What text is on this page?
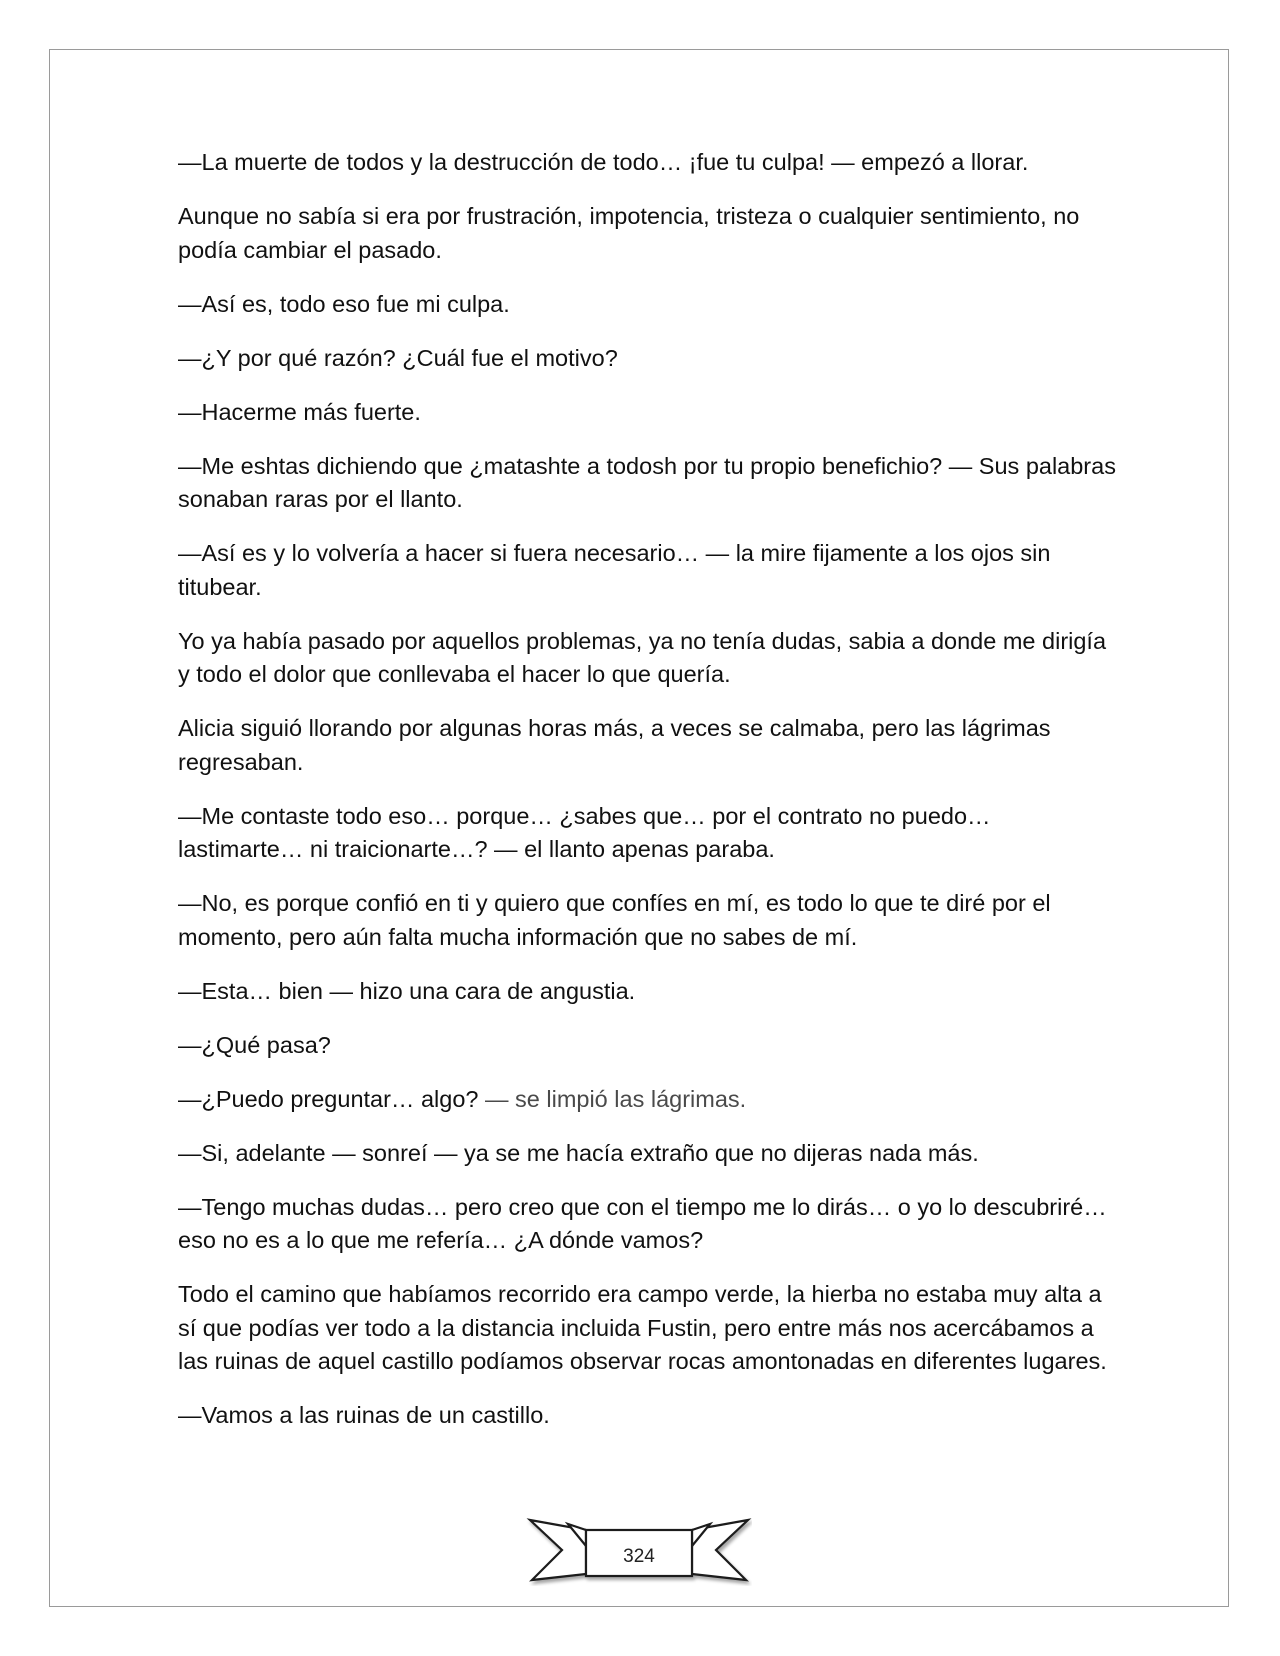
—La muerte de todos y la destrucción de todo… ¡fue tu culpa! — empezó a llorar.

Aunque no sabía si era por frustración, impotencia, tristeza o cualquier sentimiento, no podía cambiar el pasado.

—Así es, todo eso fue mi culpa.

—¿Y por qué razón? ¿Cuál fue el motivo?

—Hacerme más fuerte.

—Me eshtas dichiendo que ¿matashte a todosh por tu propio benefichio? — Sus palabras sonaban raras por el llanto.

—Así es y lo volvería a hacer si fuera necesario… — la mire fijamente a los ojos sin titubear.

Yo ya había pasado por aquellos problemas, ya no tenía dudas, sabia a donde me dirigía y todo el dolor que conllevaba el hacer lo que quería.

Alicia siguió llorando por algunas horas más, a veces se calmaba, pero las lágrimas regresaban.

—Me contaste todo eso… porque… ¿sabes que… por el contrato no puedo… lastimarte… ni traicionarte…? — el llanto apenas paraba.

—No, es porque confió en ti y quiero que confíes en mí, es todo lo que te diré por el momento, pero aún falta mucha información que no sabes de mí.

—Esta… bien — hizo una cara de angustia.

—¿Qué pasa?

—¿Puedo preguntar… algo? — se limpió las lágrimas.

—Si, adelante — sonreí — ya se me hacía extraño que no dijeras nada más.

—Tengo muchas dudas… pero creo que con el tiempo me lo dirás… o yo lo descubriré…eso no es a lo que me refería… ¿A dónde vamos?

Todo el camino que habíamos recorrido era campo verde, la hierba no estaba muy alta a sí que podías ver todo a la distancia incluida Fustin, pero entre más nos acercábamos a las ruinas de aquel castillo podíamos observar rocas amontonadas en diferentes lugares.

—Vamos a las ruinas de un castillo.

324
